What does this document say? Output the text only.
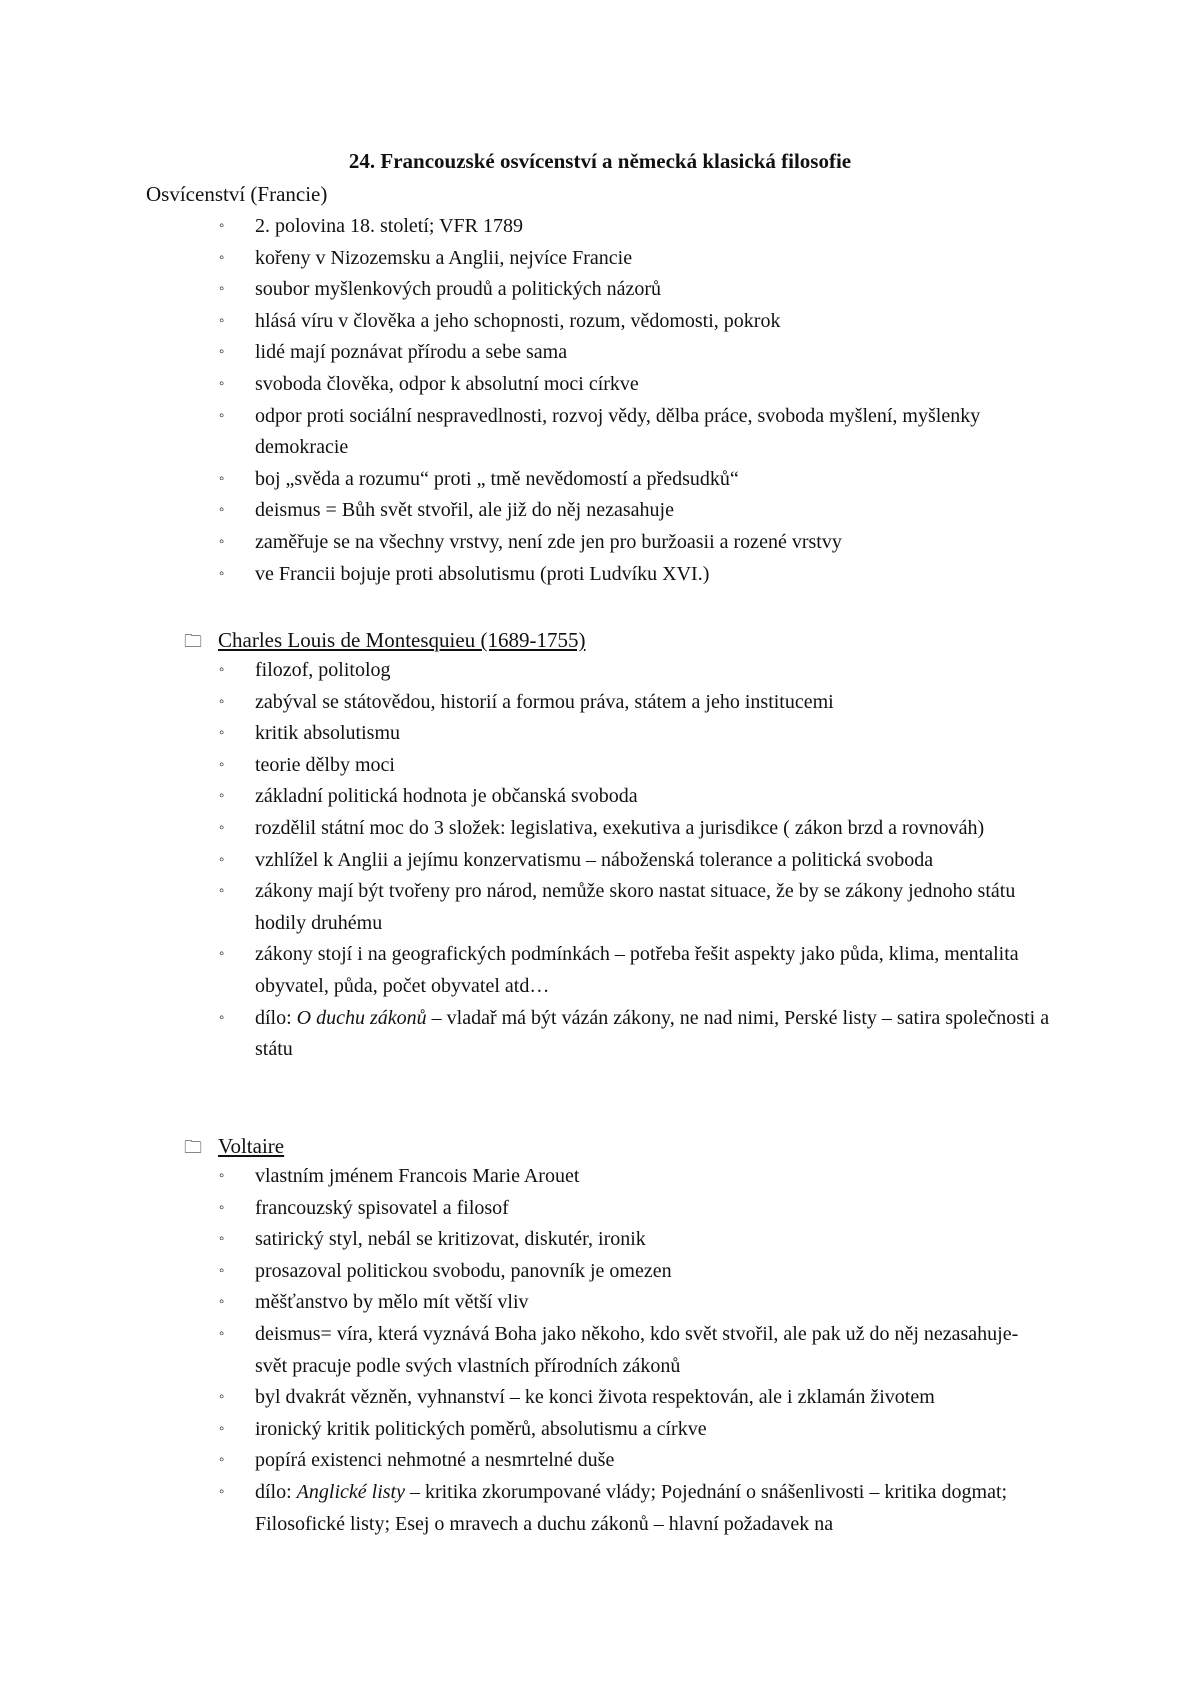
24. Francouzské osvícenství a německá klasická filosofie
Osvícenství (Francie)
◦ 2. polovina 18. století; VFR 1789
◦ kořeny v Nizozemsku a Anglii, nejvíce Francie
◦ soubor myšlenkových proudů a politických názorů
◦ hlásá víru v člověka a jeho schopnosti, rozum, vědomosti, pokrok
◦ lidé mají poznávat přírodu a sebe sama
◦ svoboda člověka, odpor k absolutní moci církve
◦ odpor proti sociální nespravedlnosti, rozvoj vědy, dělba práce, svoboda myšlení, myšlenky demokracie
◦ boj „svěda a rozumu“ proti „ tmě nevědomostí a předsudků“
◦ deismus = Bůh svět stvořil, ale již do něj nezasahuje
◦ zaměřuje se na všechny vrstvy, není zde jen pro buržoasii a rozené vrstvy
◦ ve Francii bojuje proti absolutismu (proti Ludvíku XVI.)
🗀 Charles Louis de Montesquieu (1689-1755)
◦ filozof, politolog
◦ zabýval se státovědou, historií a formou práva, státem a jeho institucemi
◦ kritik absolutismu
◦ teorie dělby moci
◦ základní politická hodnota je občanská svoboda
◦ rozdělil státní moc do 3 složek: legislativa, exekutiva a jurisdikce ( zákon brzd a rovnováh)
◦ vzhlížel k Anglii a jejímu konzervatismu – náboženská tolerance a politická svoboda
◦ zákony mají být tvořeny pro národ, nemůže skoro nastat situace, že by se zákony jednoho státu hodily druhému
◦ zákony stojí i na geografických podmínkách – potřeba řešit aspekty jako půda, klima, mentalita obyvatel, půda, počet obyvatel atd…
◦ dílo: O duchu zákonů – vladař má být vázán zákony, ne nad nimi, Perské listy – satira společnosti a státu
🗀 Voltaire
◦ vlastním jménem Francois Marie Arouet
◦ francouzský spisovatel a filosof
◦ satirický styl, nebál se kritizovat, diskutér, ironik
◦ prosazoval politickou svobodu, panovník je omezen
◦ měšťanstvo by mělo mít větší vliv
◦ deismus= víra, která vyznává Boha jako někoho, kdo svět stvořil, ale pak už do něj nezasahuje- svět pracuje podle svých vlastních přírodních zákonů
◦ byl dvakrát vězněn, vyhnanství – ke konci života respektován, ale i zklamán životem
◦ ironický kritik politických poměrů, absolutismu a církve
◦ popírá existenci nehmotné a nesmrtelné duše
◦ dílo: Anglické listy – kritika zkorumpované vlády; Pojednání o snášenlivosti – kritika dogmat; Filosofické listy; Esej o mravech a duchu zákonů – hlavní požadavek na
